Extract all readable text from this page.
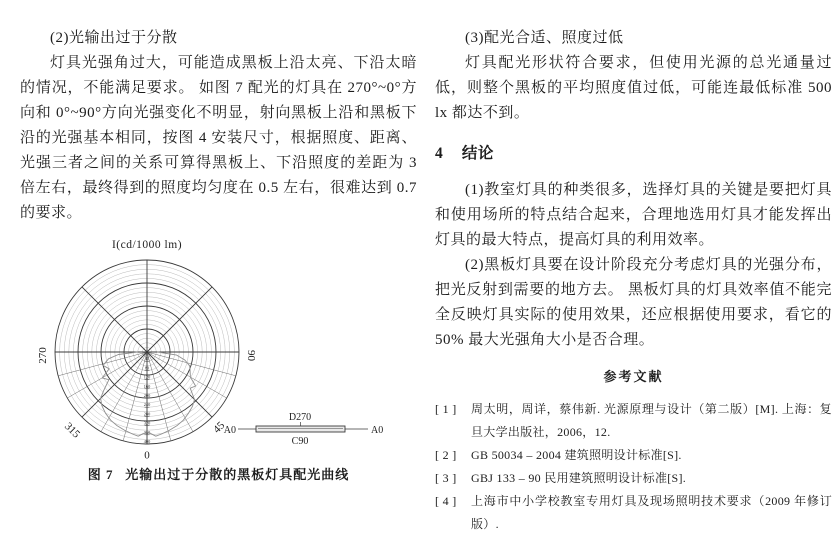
(2)光输出过于分散

灯具光强角过大，可能造成黑板上沿太亮、下沿太暗的情况，不能满足要求。 如图 7 配光的灯具在 270°~0°方向和 0°~90°方向光强变化不明显，射向黑板上沿和黑板下沿的光强基本相同，按图 4 安装尺寸，根据照度、距离、光强三者之间的关系可算得黑板上、下沿照度的差距为 3 倍左右，最终得到的照度均匀度在 0.5 左右，很难达到 0.7 的要求。

40
80
120
160
200
240
280
320
360
400
270
315
0
45
90
I(cd/1000 lm)
A0	A0
D270
C90
图 7 光输出过于分散的黑板灯具配光曲线
(3)配光合适、照度过低

灯具配光形状符合要求，但使用光源的总光通量过低，则整个黑板的平均照度值过低，可能连最低标准 500 lx 都达不到。

4 结论

(1)教室灯具的种类很多，选择灯具的关键是要把灯具和使用场所的特点结合起来，合理地选用灯具才能发挥出灯具的最大特点，提高灯具的利用效率。

(2)黑板灯具要在设计阶段充分考虑灯具的光强分布，把光反射到需要的地方去。 黑板灯具的灯具效率值不能完全反映灯具实际的使用效果，还应根据使用要求，看它的 50% 最大光强角大小是否合理。

参考文献
[ 1 ]	周太明，周详，蔡伟新. 光源原理与设计（第二版）[M]. 上海：复旦大学出版社，2006，12.
[ 2 ]	GB 50034 – 2004 建筑照明设计标准[S].
[ 3 ]	GBJ 133 – 90 民用建筑照明设计标准[S].
[ 4 ]	上海市中小学校教室专用灯具及现场照明技术要求（2009 年修订版）.
